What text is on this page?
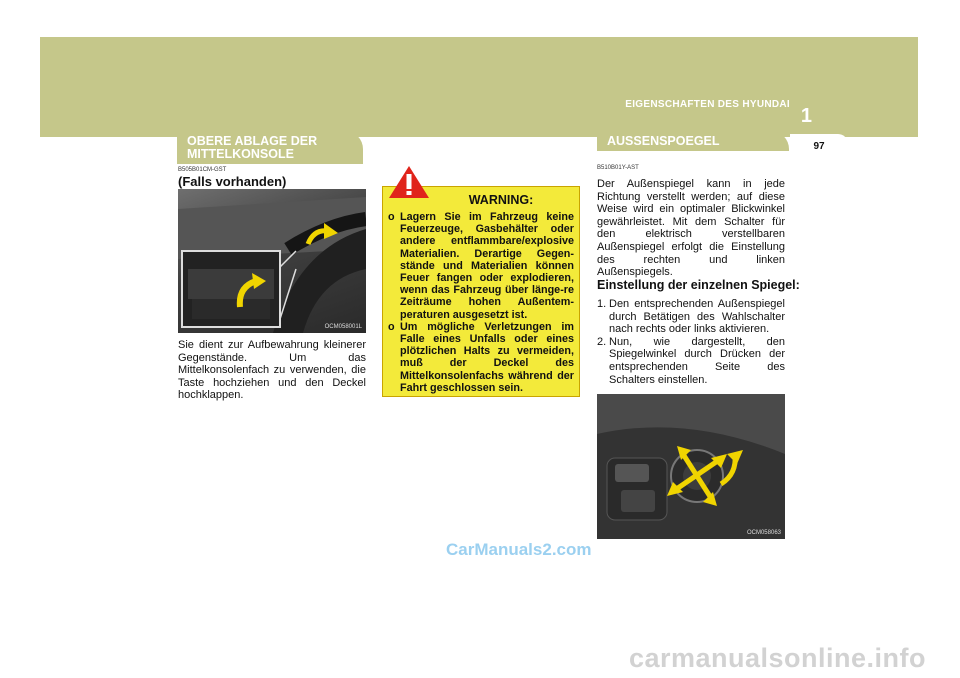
EIGENSCHAFTEN DES HYUNDAI
1
97
OBERE ABLAGE DER MITTELKONSOLE
B505B01CM-GST
(Falls vorhanden)
OCM058001L
Sie dient zur Aufbewahrung kleinerer Gegenstände. Um das Mittelkonsolenfach zu verwenden, die Taste hochziehen und den Deckel hochklappen.
WARNING:
o Lagern Sie im Fahrzeug keine Feuerzeuge, Gasbehälter oder andere entflammbare/explosive Materialien. Derartige Gegen-stände und Materialien können Feuer fangen oder explodieren, wenn das Fahrzeug über länge-re Zeiträume hohen Außentem-peraturen ausgesetzt ist.
o Um mögliche Verletzungen im Falle eines Unfalls oder eines plötzlichen Halts zu vermeiden, muß der Deckel des Mittelkonsolenfachs während der Fahrt geschlossen sein.
AUSSENSPOEGEL
B510B01Y-AST
Der Außenspiegel kann in jede Richtung verstellt werden; auf diese Weise wird ein optimaler Blickwinkel gewährleistet. Mit dem Schalter für den elektrisch verstellbaren Außenspiegel erfolgt die Einstellung des rechten und linken Außenspiegels.
Einstellung der einzelnen Spiegel:
1. Den entsprechenden Außenspiegel durch Betätigen des Wahlschalter nach rechts oder links aktivieren.
2. Nun, wie dargestellt, den Spiegelwinkel durch Drücken der entsprechenden Seite des Schalters einstellen.
OCM058063
CarManuals2.com
carmanualsonline.info
